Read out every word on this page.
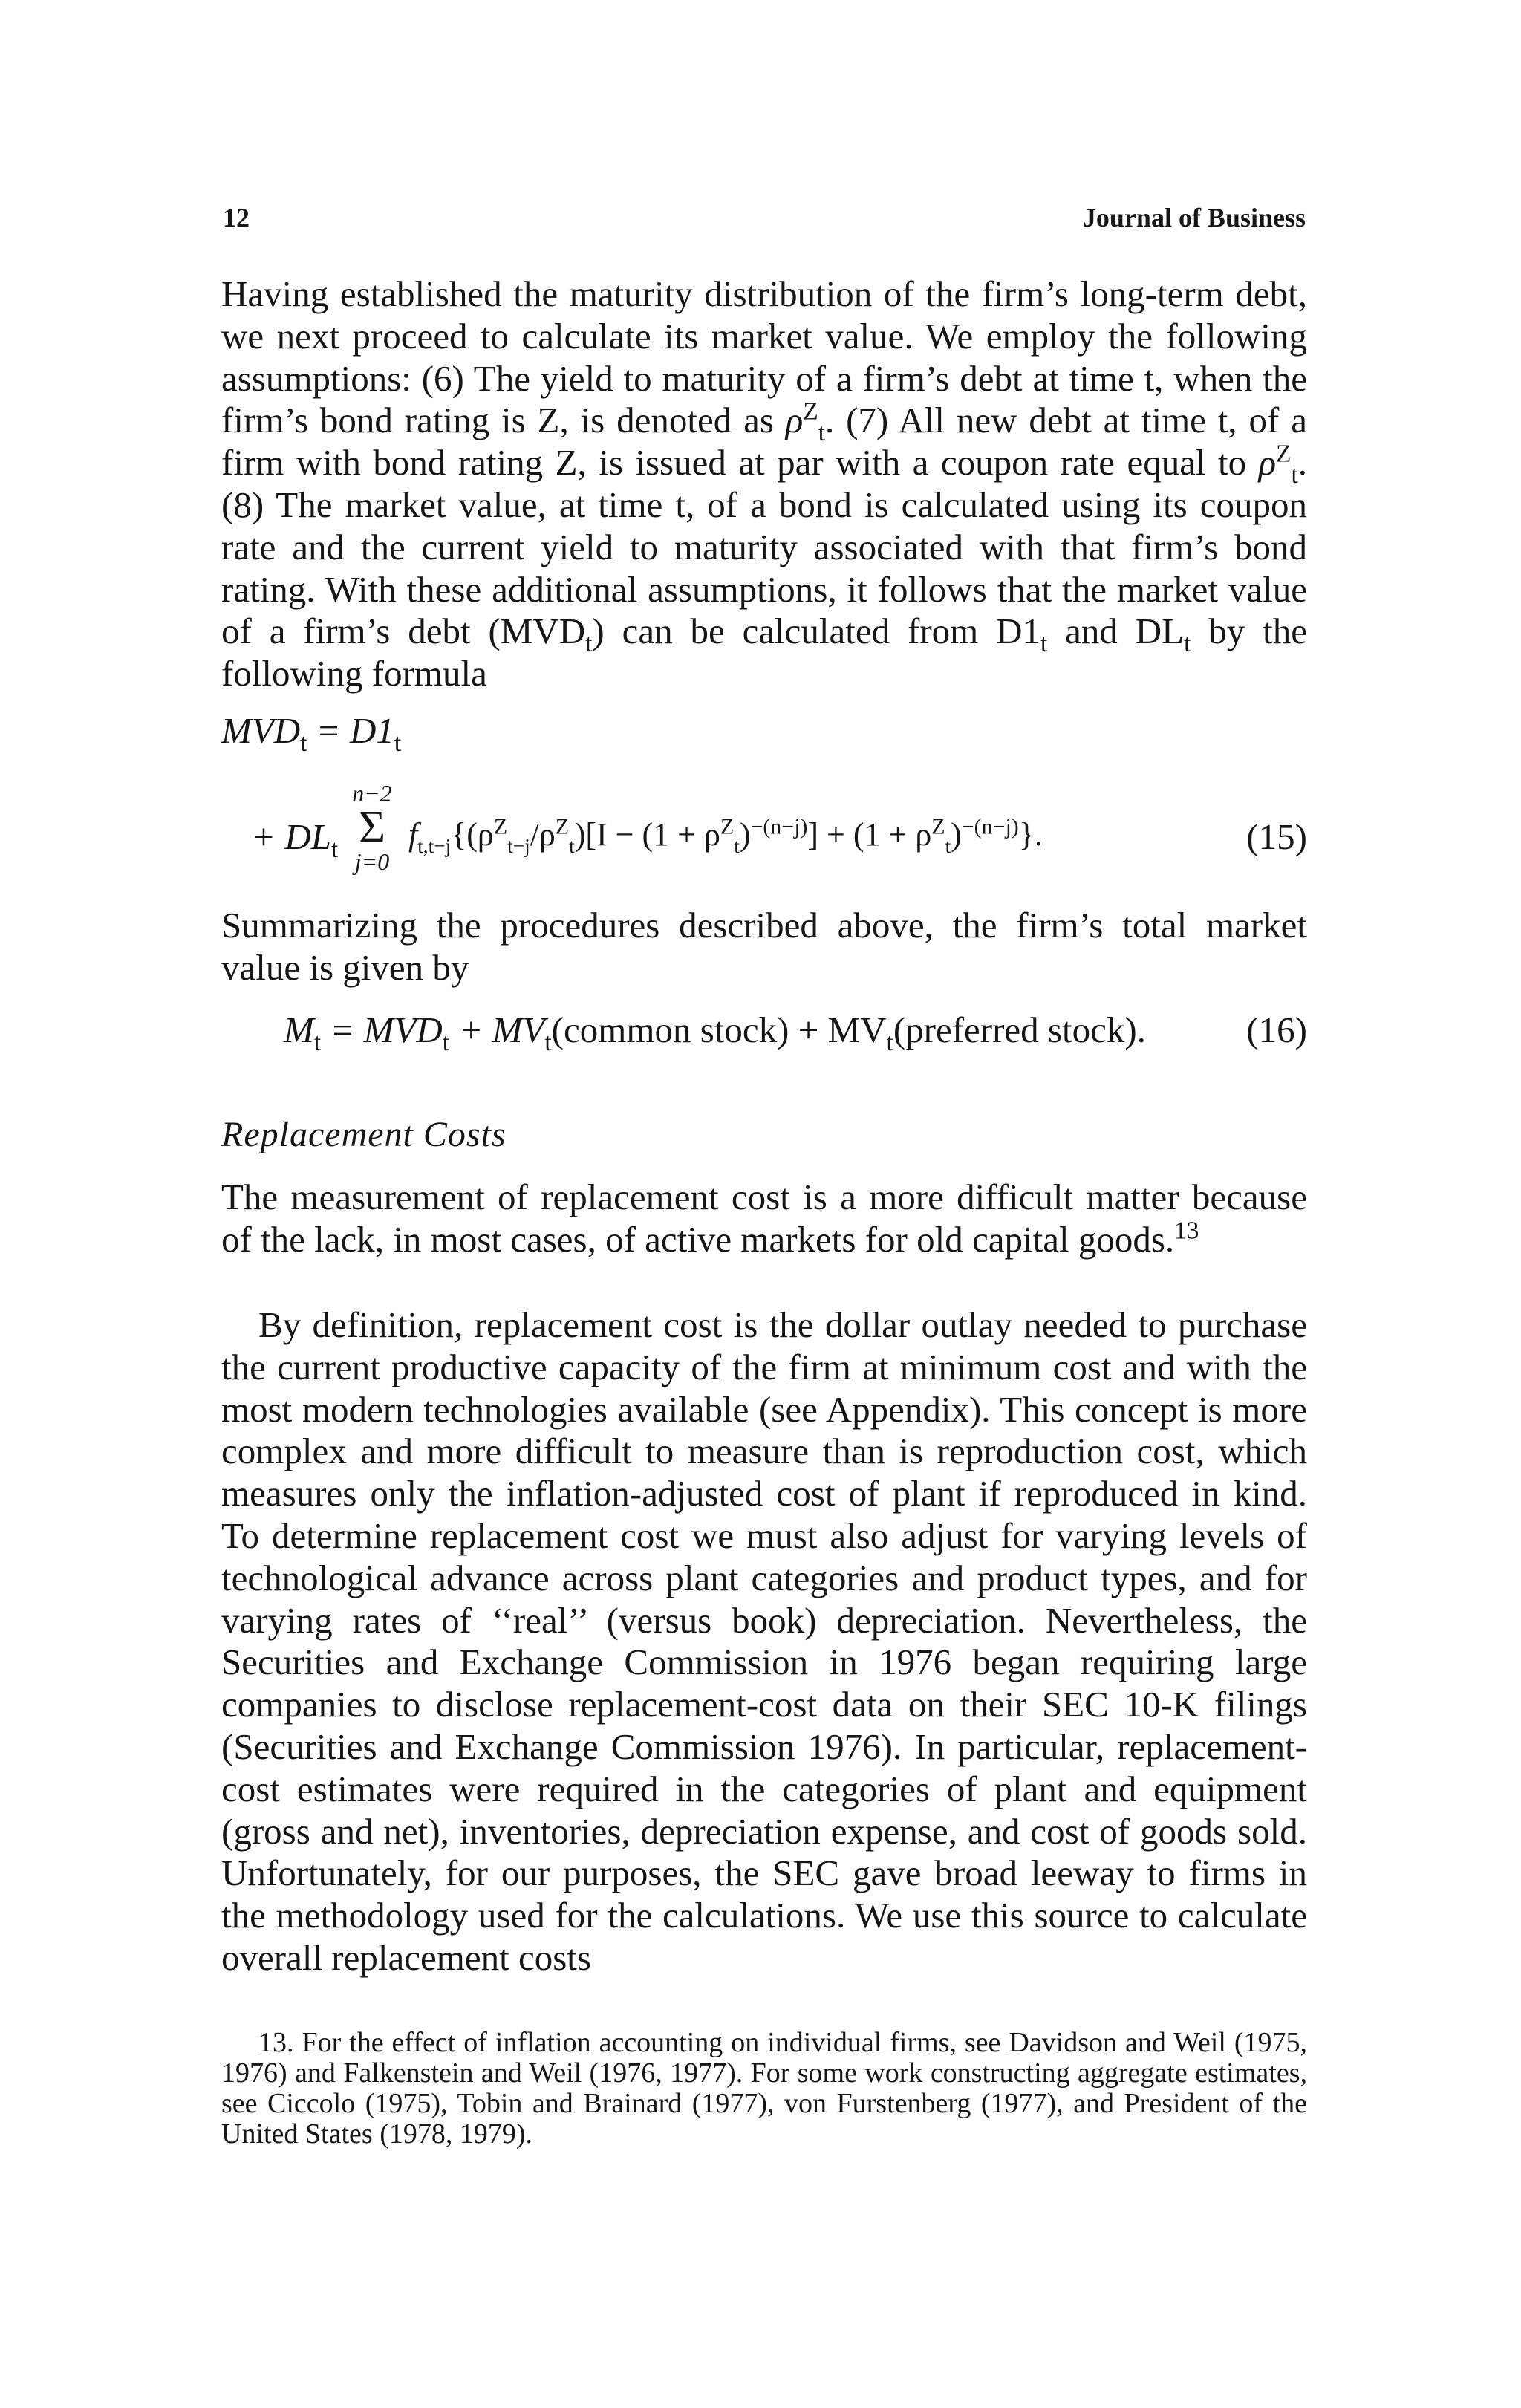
12	Journal of Business

Having established the maturity distribution of the firm’s long-term debt, we next proceed to calculate its market value. We employ the following assumptions: (6) The yield to maturity of a firm’s debt at time t, when the firm’s bond rating is Z, is denoted as $\rho^Z_t$. (7) All new debt at time t, of a firm with bond rating Z, is issued at par with a coupon rate equal to $\rho^Z_t$. (8) The market value, at time t, of a bond is calculated using its coupon rate and the current yield to maturity associated with that firm’s bond rating. With these additional assumptions, it follows that the market value of a firm’s debt $(MVD_t)$ can be calculated from $D1_t$ and $DL_t$ by the following formula

$MVD_t = D1_t$
+ $DL_t$
n−2
Σ
j=0
$f_{t,t-j}\{(\rho^Z_{t-j}/\rho^Z_t)[I - (1 + \rho^Z_t)^{-(n-j)}] + (1 + \rho^Z_t)^{-(n-j)}\}$.	(15)

Summarizing the procedures described above, the firm’s total market value is given by

$M_t = MVD_t$ + $MV_t(common$ stock) + $MV_t(preferred$ stock).	(16)
Replacement Costs

The measurement of replacement cost is a more difficult matter because of the lack, in most cases, of active markets for old capital goods.$^{13}$

By definition, replacement cost is the dollar outlay needed to purchase the current productive capacity of the firm at minimum cost and with the most modern technologies available (see Appendix). This concept is more complex and more difficult to measure than is reproduction cost, which measures only the inflation-adjusted cost of plant if reproduced in kind. To determine replacement cost we must also adjust for varying levels of technological advance across plant categories and product types, and for varying rates of ‘‘real’’ (versus book) depreciation. Nevertheless, the Securities and Exchange Commission in 1976 began requiring large companies to disclose replacement-cost data on their SEC 10-K filings (Securities and Exchange Commission 1976). In particular, replacement-cost estimates were required in the categories of plant and equipment (gross and net), inventories, depreciation expense, and cost of goods sold. Unfortunately, for our purposes, the SEC gave broad leeway to firms in the methodology used for the calculations. We use this source to calculate overall replacement costs

13. For the effect of inflation accounting on individual firms, see Davidson and Weil (1975, 1976) and Falkenstein and Weil (1976, 1977). For some work constructing aggregate estimates, see Ciccolo (1975), Tobin and Brainard (1977), von Furstenberg (1977), and President of the United States (1978, 1979).
